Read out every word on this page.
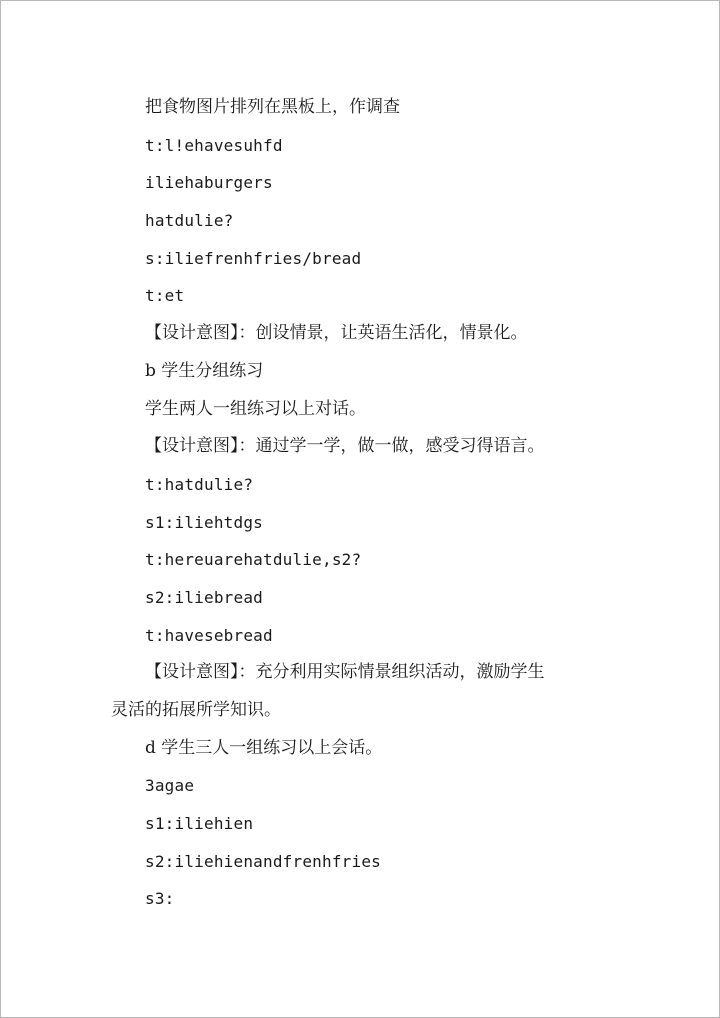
把食物图片排列在黑板上，作调查
t:l!ehavesuhfd
iliehaburgers
hatdulie?
s:iliefrenhfries/bread
t:et
【设计意图】：创设情景，让英语生活化，情景化。
b 学生分组练习
学生两人一组练习以上对话。
【设计意图】：通过学一学，做一做，感受习得语言。
t:hatdulie?
s1:iliehtdgs
t:hereuarehatdulie,s2?
s2:iliebread
t:havesebread
【设计意图】：充分利用实际情景组织活动，激励学生
灵活的拓展所学知识。
d 学生三人一组练习以上会话。
3agae
s1:iliehien
s2:iliehienandfrenhfries
s3:
